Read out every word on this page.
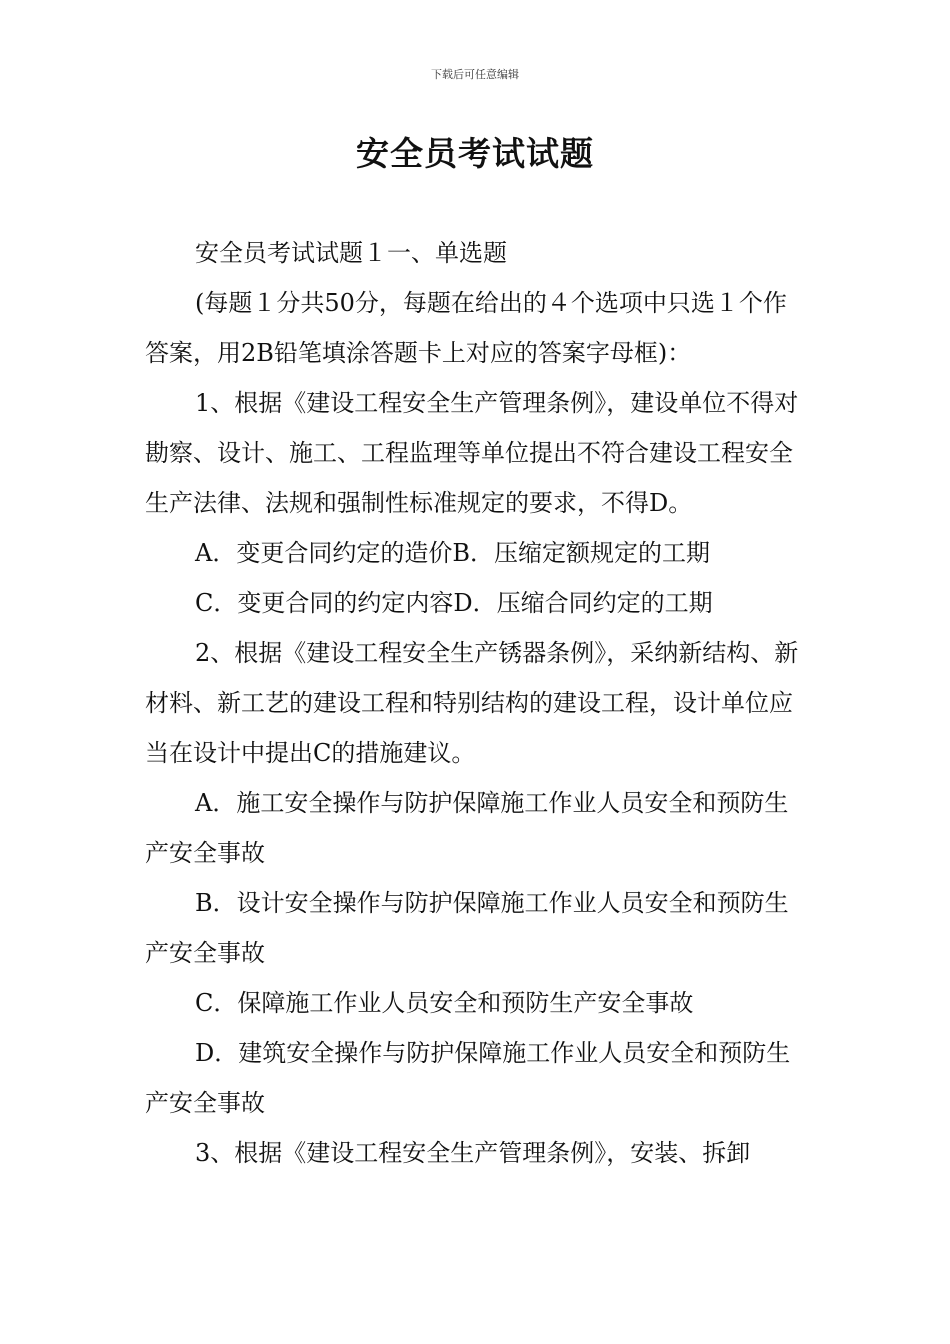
下载后可任意编辑
安全员考试试题

安全员考试试题１一、单选题

(每题１分共50分，每题在给出的４个选项中只选１个作答案，用2B铅笔填涂答题卡上对应的答案字母框)：

1、根据《建设工程安全生产管理条例》，建设单位不得对勘察、设计、施工、工程监理等单位提出不符合建设工程安全生产法律、法规和强制性标准规定的要求，不得D。

A．变更合同约定的造价B．压缩定额规定的工期

C．变更合同的约定内容D．压缩合同约定的工期

2、根据《建设工程安全生产锈器条例》，采纳新结构、新材料、新工艺的建设工程和特别结构的建设工程，设计单位应当在设计中提出C的措施建议。

A．施工安全操作与防护保障施工作业人员安全和预防生产安全事故

B．设计安全操作与防护保障施工作业人员安全和预防生产安全事故

C．保障施工作业人员安全和预防生产安全事故

D．建筑安全操作与防护保障施工作业人员安全和预防生产安全事故

3、根据《建设工程安全生产管理条例》，安装、拆卸
